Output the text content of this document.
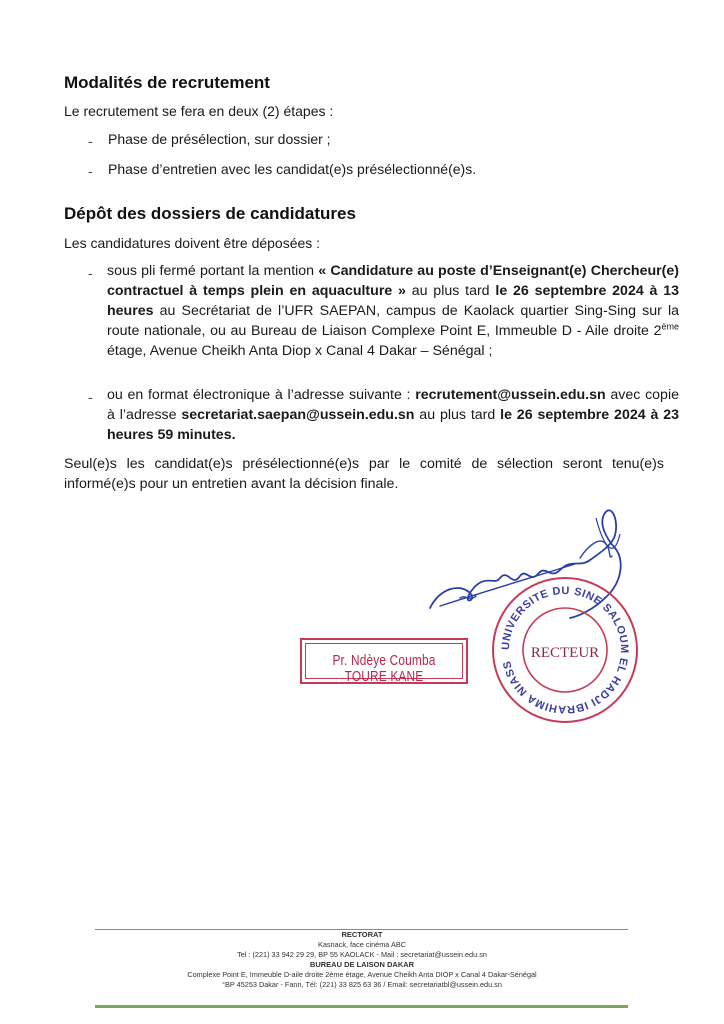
Modalités de recrutement

Le recrutement se fera en deux (2) étapes :

- Phase de présélection, sur dossier ;
- Phase d’entretien avec les candidat(e)s présélectionné(e)s.
Dépôt des dossiers de candidatures

Les candidatures doivent être déposées :

- sous pli fermé portant la mention « Candidature au poste d’Enseignant(e) Chercheur(e) contractuel à temps plein en aquaculture » au plus tard le 26 septembre 2024 à 13 heures au Secrétariat de l’UFR SAEPAN, campus de Kaolack quartier Sing-Sing sur la route nationale, ou au Bureau de Liaison Complexe Point E, Immeuble D - Aile droite 2ème étage, Avenue Cheikh Anta Diop x Canal 4 Dakar – Sénégal ;
- ou en format électronique à l’adresse suivante : recrutement@ussein.edu.sn avec copie à l’adresse secretariat.saepan@ussein.edu.sn au plus tard le 26 septembre 2024 à 23 heures 59 minutes.
Seul(e)s les candidat(e)s présélectionné(e)s par le comité de sélection seront tenu(e)s informé(e)s pour un entretien avant la décision finale.
Pr. Ndèye Coumba TOURE KANE
UNIVERSITE DU SINE SALOUM EL HADJI IBRAHIMA NIASS
RECTEUR
RECTORAT
Kasnack, face cinéma ABC
Tel : (221) 33 942 29 29, BP 55 KAOLACK - Mail : secretariat@ussein.edu.sn
BUREAU DE LAISON DAKAR
Complexe Point E, Immeuble D-aile droite 2ème étage, Avenue Cheikh Anta DIOP x Canal 4 Dakar-Sénégal
°BP 45253 Dakar - Fann, Tél: (221) 33 825 63 36 / Email: secretariatbl@ussein.edu.sn
